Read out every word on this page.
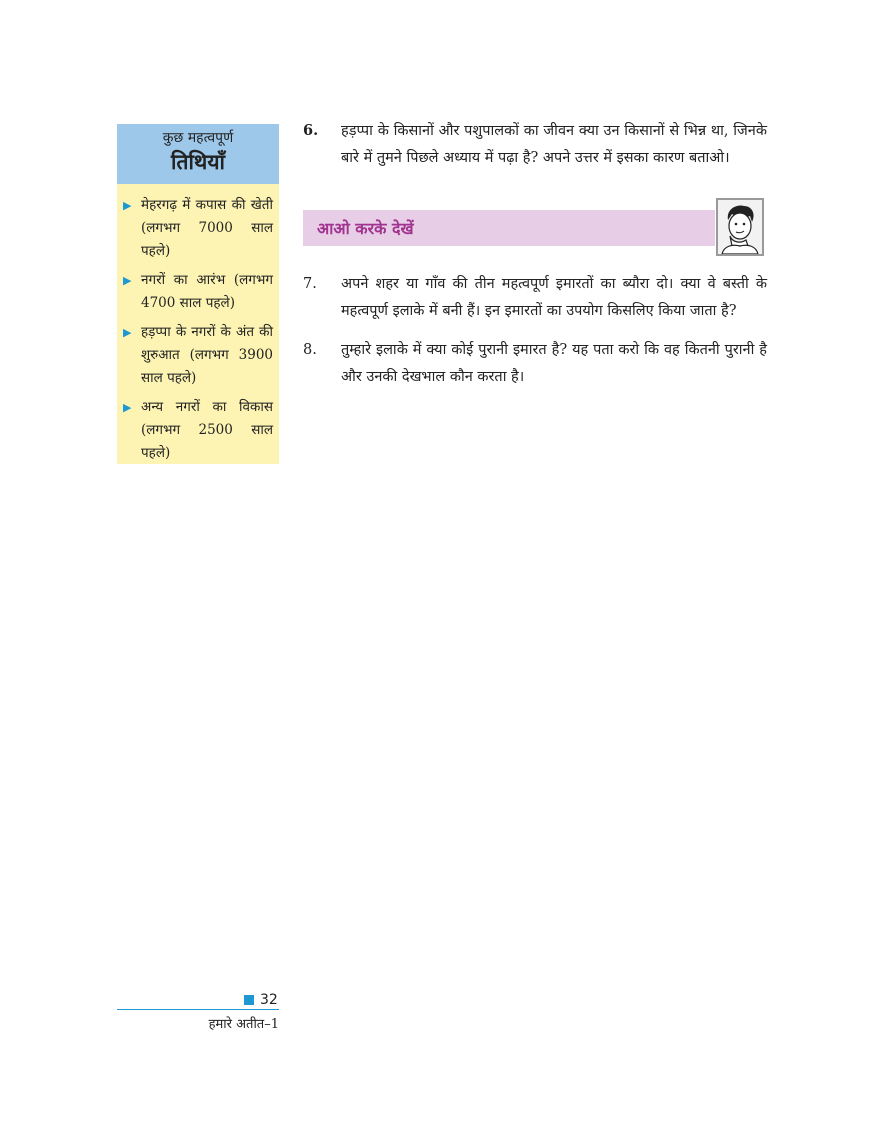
कुछ महत्वपूर्ण
तिथियाँ
▶ मेहरगढ़ में कपास की खेती (लगभग 7000 साल पहले)
▶ नगरों का आरंभ (लगभग 4700 साल पहले)
▶ हड़प्पा के नगरों के अंत की शुरुआत (लगभग 3900 साल पहले)
▶ अन्य नगरों का विकास (लगभग 2500 साल पहले)
6.	हड़प्पा के किसानों और पशुपालकों का जीवन क्या उन किसानों से भिन्न था, जिनके बारे में तुमने पिछले अध्याय में पढ़ा है? अपने उत्तर में इसका कारण बताओ।
आओ करके देखें
7.	अपने शहर या गाँव की तीन महत्वपूर्ण इमारतों का ब्यौरा दो। क्या वे बस्ती के महत्वपूर्ण इलाके में बनी हैं। इन इमारतों का उपयोग किसलिए किया जाता है?
8.	तुम्हारे इलाके में क्या कोई पुरानी इमारत है? यह पता करो कि वह कितनी पुरानी है और उनकी देखभाल कौन करता है।
32
हमारे अतीत–1
